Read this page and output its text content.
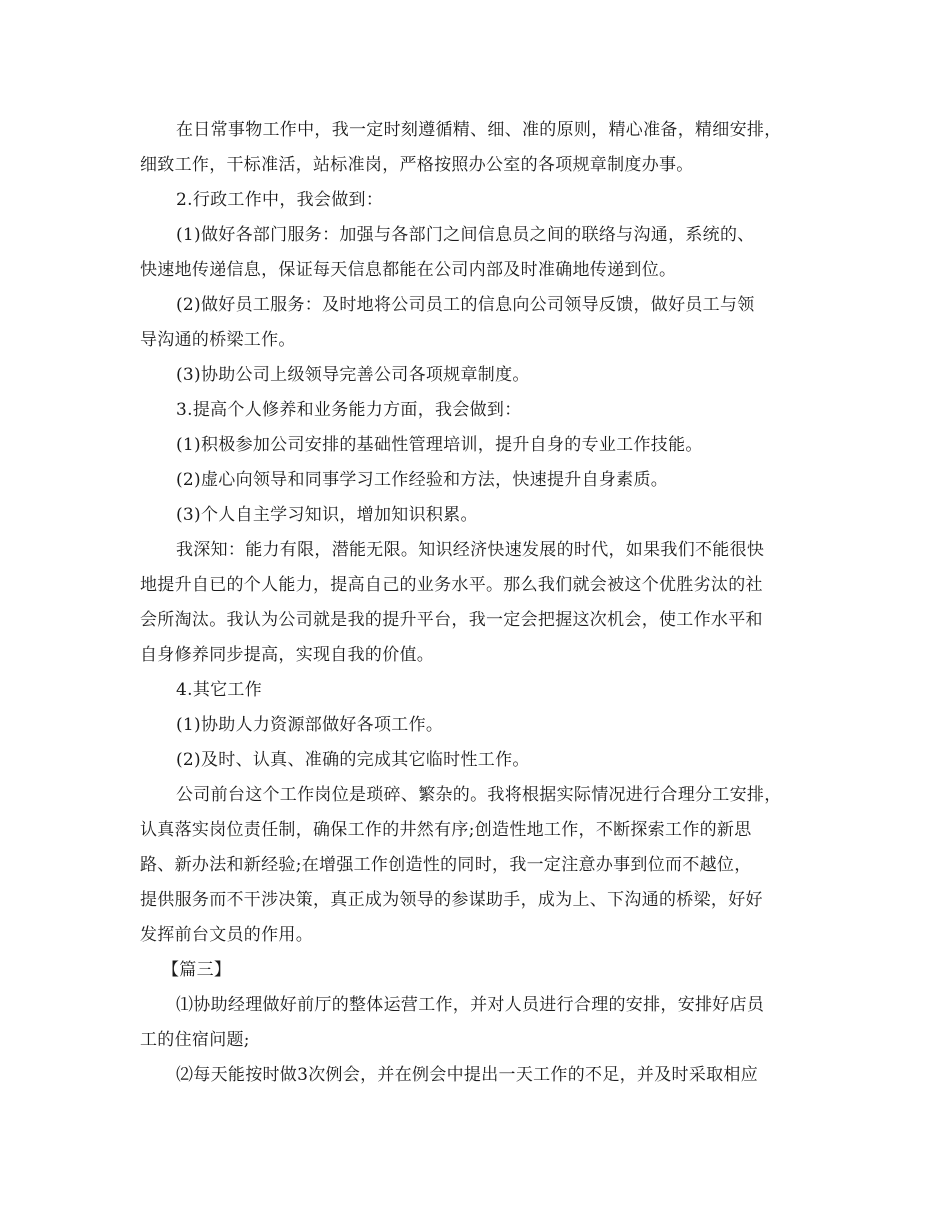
在日常事物工作中，我一定时刻遵循精、细、准的原则，精心准备，精细安排，
细致工作，干标准活，站标准岗，严格按照办公室的各项规章制度办事。
2.行政工作中，我会做到：
(1)做好各部门服务：加强与各部门之间信息员之间的联络与沟通，系统的、
快速地传递信息，保证每天信息都能在公司内部及时准确地传递到位。
(2)做好员工服务：及时地将公司员工的信息向公司领导反馈，做好员工与领
导沟通的桥梁工作。
(3)协助公司上级领导完善公司各项规章制度。
3.提高个人修养和业务能力方面，我会做到：
(1)积极参加公司安排的基础性管理培训，提升自身的专业工作技能。
(2)虚心向领导和同事学习工作经验和方法，快速提升自身素质。
(3)个人自主学习知识，增加知识积累。
我深知：能力有限，潜能无限。知识经济快速发展的时代，如果我们不能很快
地提升自已的个人能力，提高自己的业务水平。那么我们就会被这个优胜劣汰的社
会所淘汰。我认为公司就是我的提升平台，我一定会把握这次机会，使工作水平和
自身修养同步提高，实现自我的价值。
4.其它工作
(1)协助人力资源部做好各项工作。
(2)及时、认真、准确的完成其它临时性工作。
公司前台这个工作岗位是琐碎、繁杂的。我将根据实际情况进行合理分工安排，
认真落实岗位责任制，确保工作的井然有序;创造性地工作，不断探索工作的新思
路、新办法和新经验;在增强工作创造性的同时，我一定注意办事到位而不越位，
提供服务而不干涉决策，真正成为领导的参谋助手，成为上、下沟通的桥梁，好好
发挥前台文员的作用。
【篇三】
⑴协助经理做好前厅的整体运营工作，并对人员进行合理的安排，安排好店员
工的住宿问题;
⑵每天能按时做3次例会，并在例会中提出一天工作的不足，并及时采取相应
